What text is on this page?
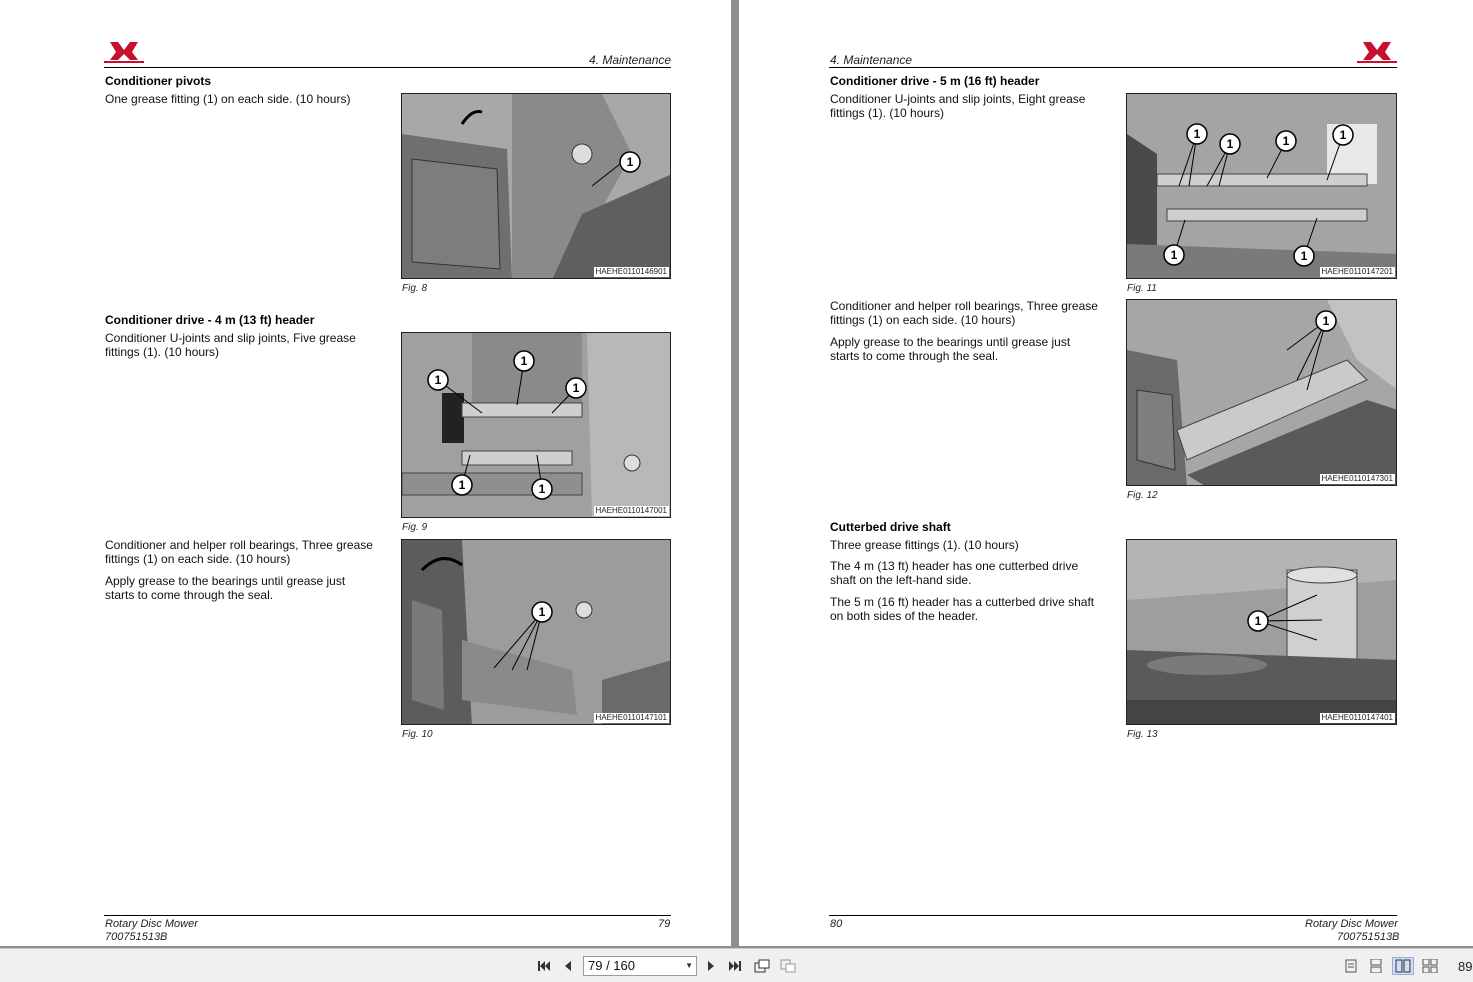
4. Maintenance
Conditioner pivots
One grease fitting (1) on each side. (10 hours)
1
HAEHE0110146901
Fig. 8
Conditioner drive - 4 m (13 ft) header
Conditioner U-joints and slip joints, Five grease
fittings (1). (10 hours)
1
1
1
1	1
HAEHE0110147001
Fig. 9
Conditioner and helper roll bearings, Three grease
fittings (1) on each side. (10 hours)
Apply grease to the bearings until grease just
starts to come through the seal.
1
HAEHE0110147101
Fig. 10
Rotary Disc Mower
700751513B
79
4. Maintenance
Conditioner drive - 5 m (16 ft) header
Conditioner U-joints and slip joints, Eight grease
fittings (1). (10 hours)
1
1	1	1
1	1
HAEHE0110147201
Fig. 11
Conditioner and helper roll bearings, Three grease
fittings (1) on each side. (10 hours)
Apply grease to the bearings until grease just
starts to come through the seal.
1
HAEHE0110147301
Fig. 12
Cutterbed drive shaft
Three grease fittings (1). (10 hours)
The 4 m (13 ft) header has one cutterbed drive
shaft on the left-hand side.
The 5 m (16 ft) header has a cutterbed drive shaft
on both sides of the header.	1
HAEHE0110147401
Fig. 13
80	Rotary Disc Mower
700751513B
79 / 160	▼	89
